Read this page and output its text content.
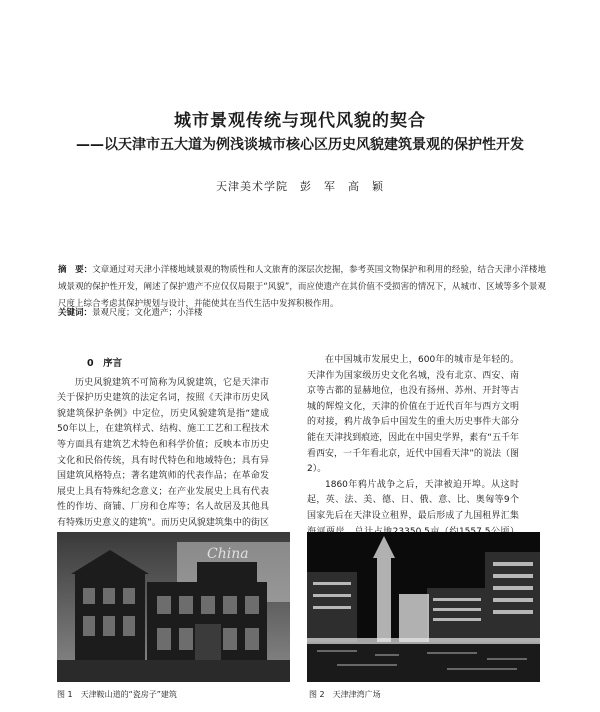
城市景观传统与现代风貌的契合
——以天津市五大道为例浅谈城市核心区历史风貌建筑景观的保护性开发
天津美术学院　彭　军　高　颖
摘　要：文章通过对天津小洋楼地域景观的物质性和人文旅育的深层次挖掘，参考英国文物保护和利用的经验，结合天津小洋楼地域景观的保护性开发，阐述了保护遗产不应仅仅局限于“风貌”，而应使遗产在其价值不受损害的情况下，从城市、区域等多个景观尺度上综合考虑其保护规划与设计，并能使其在当代生活中发挥积极作用。
关键词：景观尺度；文化遗产；小洋楼
0　序言

历史风貌建筑不可简称为风貌建筑，它是天津市关于保护历史建筑的法定名词，按照《天津市历史风貌建筑保护条例》中定位，历史风貌建筑是指“建成50年以上，在建筑样式、结构、施工工艺和工程技术等方面具有建筑艺术特色和科学价值；反映本市历史文化和民俗传统，具有时代特色和地域特色；具有异国建筑风格特点；著名建筑师的代表作品；在革命发展史上具有特殊纪念意义；在产业发展史上具有代表性的作坊、商铺、厂房和仓库等；名人故居及其他具有特殊历史意义的建筑”。而历史风貌建筑集中的街区

在中国城市发展史上，600年的城市是年轻的。天津作为国家级历史文化名城，没有北京、西安、南京等古都的显赫地位，也没有扬州、苏州、开封等古城的辉煌文化，天津的价值在于近代百年与西方文明的对接，鸦片战争后中国发生的重大历史事件大部分能在天津找到痕迹，因此在中国史学界，素有“五千年看西安，一千年看北京，近代中国看天津”的说法（图2）。

1860年鸦片战争之后，天津被迫开埠。从这时起，英、法、美、德、日、俄、意、比、奥匈等9个国家先后在天津设立租界，最后形成了九国租界汇集

China
图 1　天津鞍山道的“瓷房子”建筑	图 2　天津津湾广场
